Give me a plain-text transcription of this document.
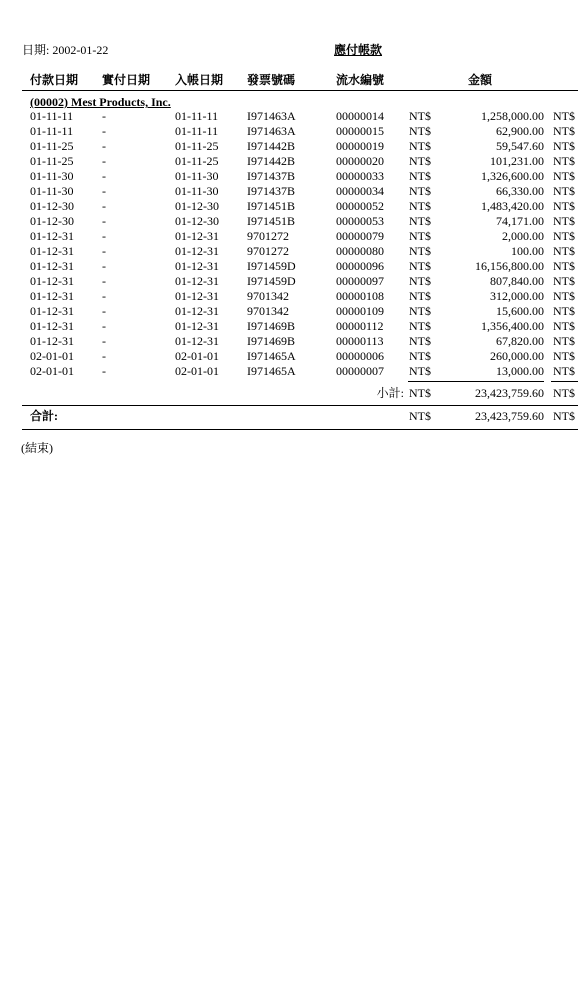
日期: 2002-01-22	應付帳款
付款日期 實付日期 入帳日期 發票號碼	流水編號	金額
(00002) Mest Products, Inc.
01-11-11 -	01-11-11 I971463A	00000014 NT$	1,258,000.00 NT$
01-11-11 -	01-11-11 I971463A	00000015 NT$	62,900.00 NT$
01-11-25 -	01-11-25 I971442B	00000019 NT$	59,547.60 NT$
01-11-25 -	01-11-25 I971442B	00000020 NT$	101,231.00 NT$
01-11-30 -	01-11-30 I971437B	00000033 NT$	1,326,600.00 NT$
01-11-30 -	01-11-30 I971437B	00000034 NT$	66,330.00 NT$
01-12-30 -	01-12-30 I971451B	00000052 NT$	1,483,420.00 NT$
01-12-30 -	01-12-30 I971451B	00000053 NT$	74,171.00 NT$
01-12-31 -	01-12-31 9701272	00000079 NT$	2,000.00 NT$
01-12-31 -	01-12-31 9701272	00000080 NT$	100.00 NT$
01-12-31 -	01-12-31 I971459D	00000096 NT$	16,156,800.00 NT$
01-12-31 -	01-12-31 I971459D	00000097 NT$	807,840.00 NT$
01-12-31 -	01-12-31 9701342	00000108 NT$	312,000.00 NT$
01-12-31 -	01-12-31 9701342	00000109 NT$	15,600.00 NT$
01-12-31 -	01-12-31 I971469B	00000112 NT$	1,356,400.00 NT$
01-12-31 -	01-12-31 I971469B	00000113 NT$	67,820.00 NT$
02-01-01 -	02-01-01 I971465A	00000006 NT$	260,000.00 NT$
02-01-01 -	02-01-01 I971465A	00000007 NT$	13,000.00 NT$
小計: NT$	23,423,759.60 NT$
合計:	NT$	23,423,759.60 NT$
(結束)
